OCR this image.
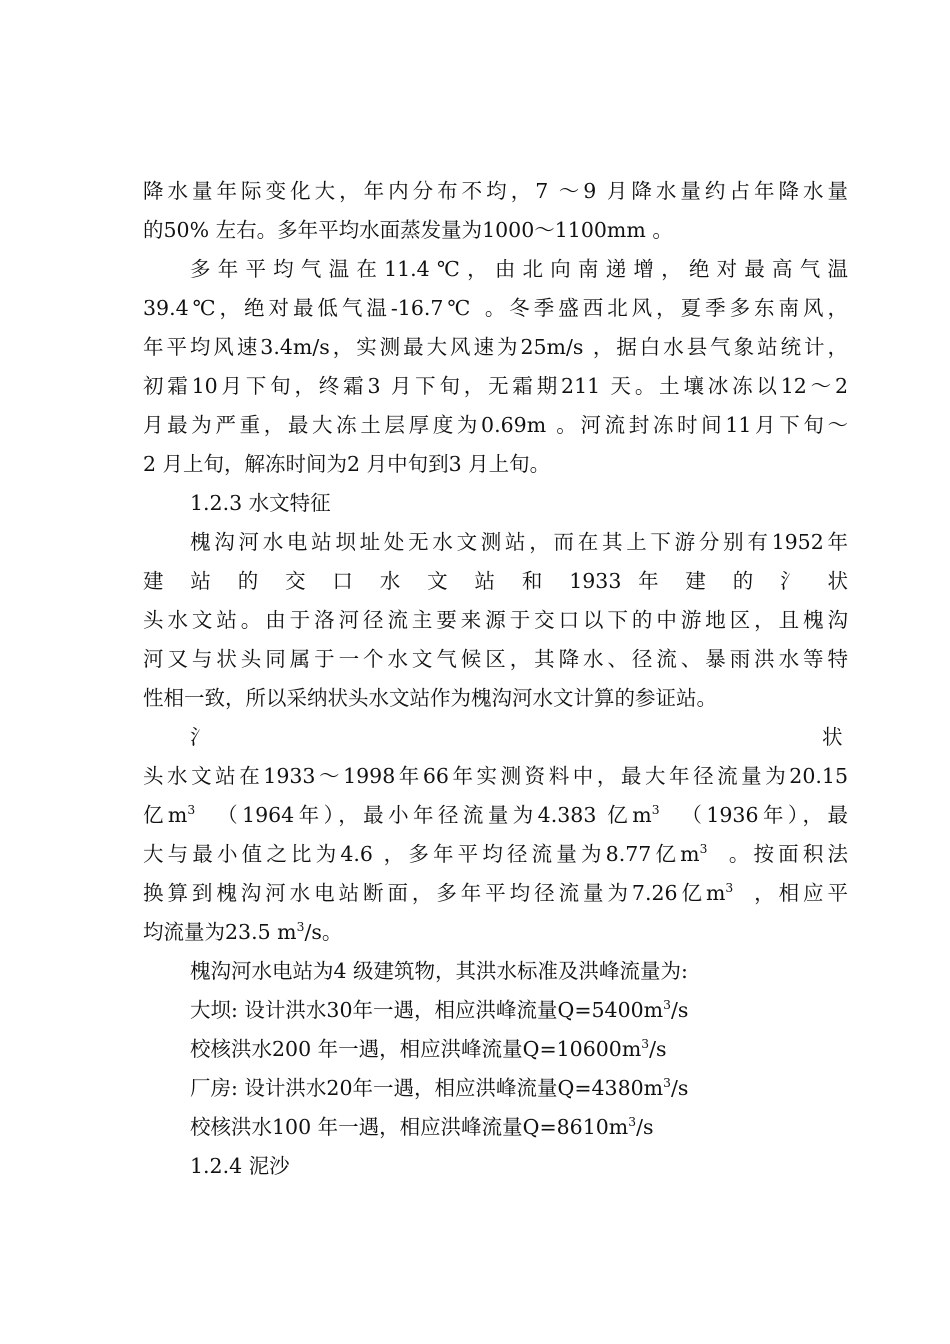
降水量年际变化大，年内分布不均，7 ～9 月降水量约占年降水量
的50% 左右。多年平均水面蒸发量为1000～1100mm 。
多年平均气温在11.4℃，由北向南递增，绝对最高气温
39.4℃，绝对最低气温-16.7℃ 。冬季盛西北风，夏季多东南风，
年平均风速3.4m/s，实测最大风速为25m/s ，据白水县气象站统计，
初霜10月下旬，终霜3 月下旬，无霜期211 天。土壤冰冻以12～2
月最为严重，最大冻土层厚度为0.69m 。河流封冻时间11月下旬～
2 月上旬，解冻时间为2 月中旬到3 月上旬。
1.2.3 水文特征
槐沟河水电站坝址处无水文测站，而在其上下游分别有1952年
建 站 的 交 口 水 文 站 和 1933 年 建 的 氵 状
头水文站。由于洛河径流主要来源于交口以下的中游地区，且槐沟
河又与状头同属于一个水文气候区，其降水、径流、暴雨洪水等特
性相一致，所以采纳状头水文站作为槐沟河水文计算的参证站。
氵	状
头水文站在1933～1998年66年实测资料中，最大年径流量为20.15
亿$m^3$ （1964年），最小年径流量为4.383 亿$m^3$ （1936年），最
大与最小值之比为4.6 ，多年平均径流量为8.77亿$m^3$ 。按面积法
换算到槐沟河水电站断面，多年平均径流量为7.26亿$m^3$ ，相应平
均流量为23.5 $m^3/s$。
槐沟河水电站为4 级建筑物，其洪水标准及洪峰流量为:
大坝: 设计洪水30年一遇，相应洪峰流量$Q=5400m^3/s$
校核洪水200 年一遇，相应洪峰流量$Q=10600m^3/s$
厂房: 设计洪水20年一遇，相应洪峰流量$Q=4380m^3/s$
校核洪水100 年一遇，相应洪峰流量$Q=8610m^3/s$
1.2.4 泥沙
